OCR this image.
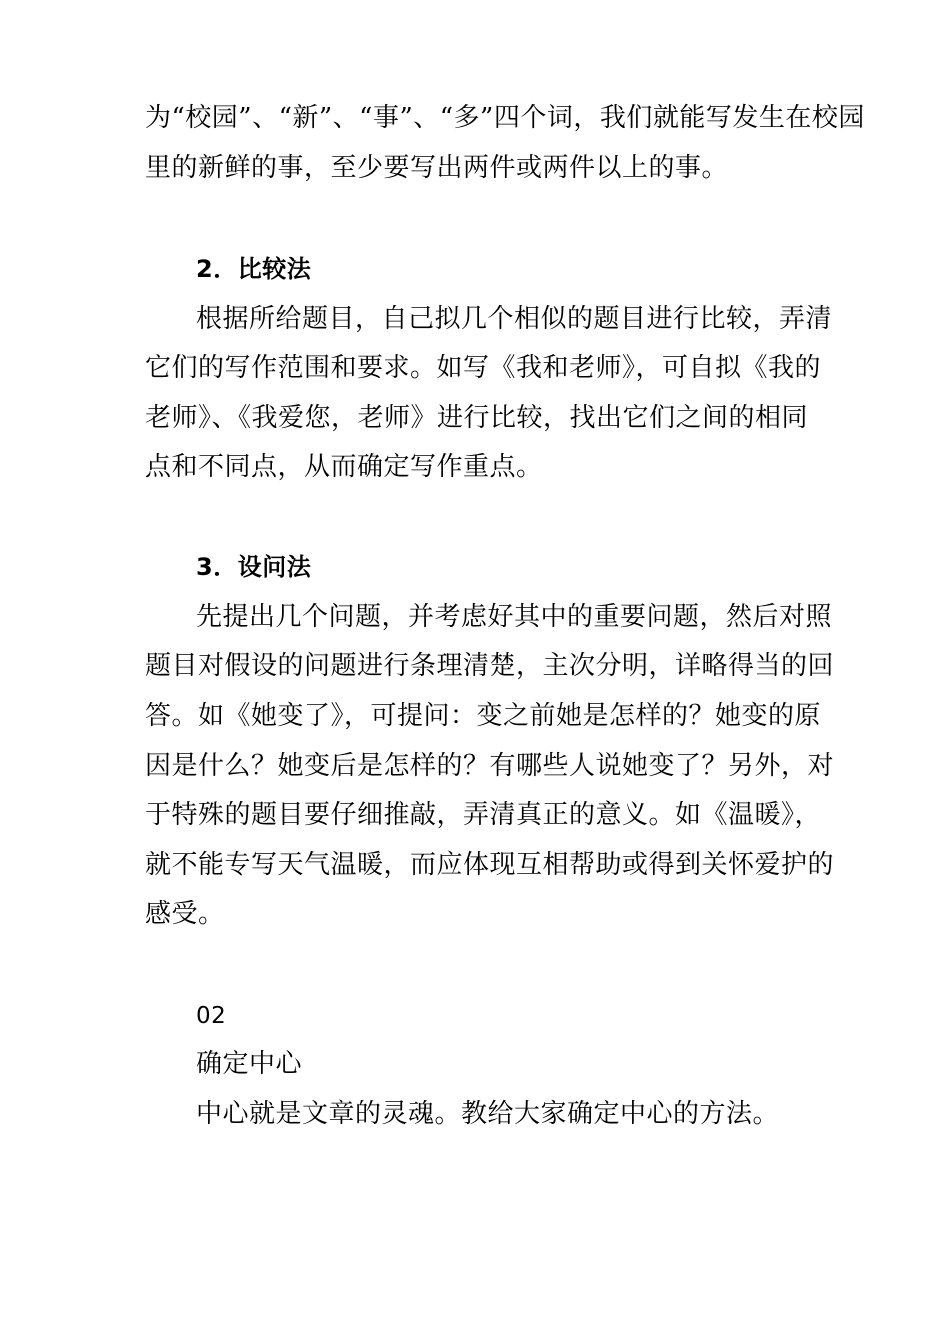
为“校园”、“新”、“事”、“多”四个词，我们就能写发生在校园
里的新鲜的事，至少要写出两件或两件以上的事。
2．比较法
根据所给题目，自己拟几个相似的题目进行比较，弄清
它们的写作范围和要求。如写《我和老师》，可自拟《我的
老师》、《我爱您，老师》进行比较，找出它们之间的相同
点和不同点，从而确定写作重点。
3．设问法
先提出几个问题，并考虑好其中的重要问题，然后对照
题目对假设的问题进行条理清楚，主次分明，详略得当的回
答。如《她变了》，可提问：变之前她是怎样的？她变的原
因是什么？她变后是怎样的？有哪些人说她变了？另外，对
于特殊的题目要仔细推敲，弄清真正的意义。如《温暖》，
就不能专写天气温暖，而应体现互相帮助或得到关怀爱护的
感受。
02
确定中心
中心就是文章的灵魂。教给大家确定中心的方法。
